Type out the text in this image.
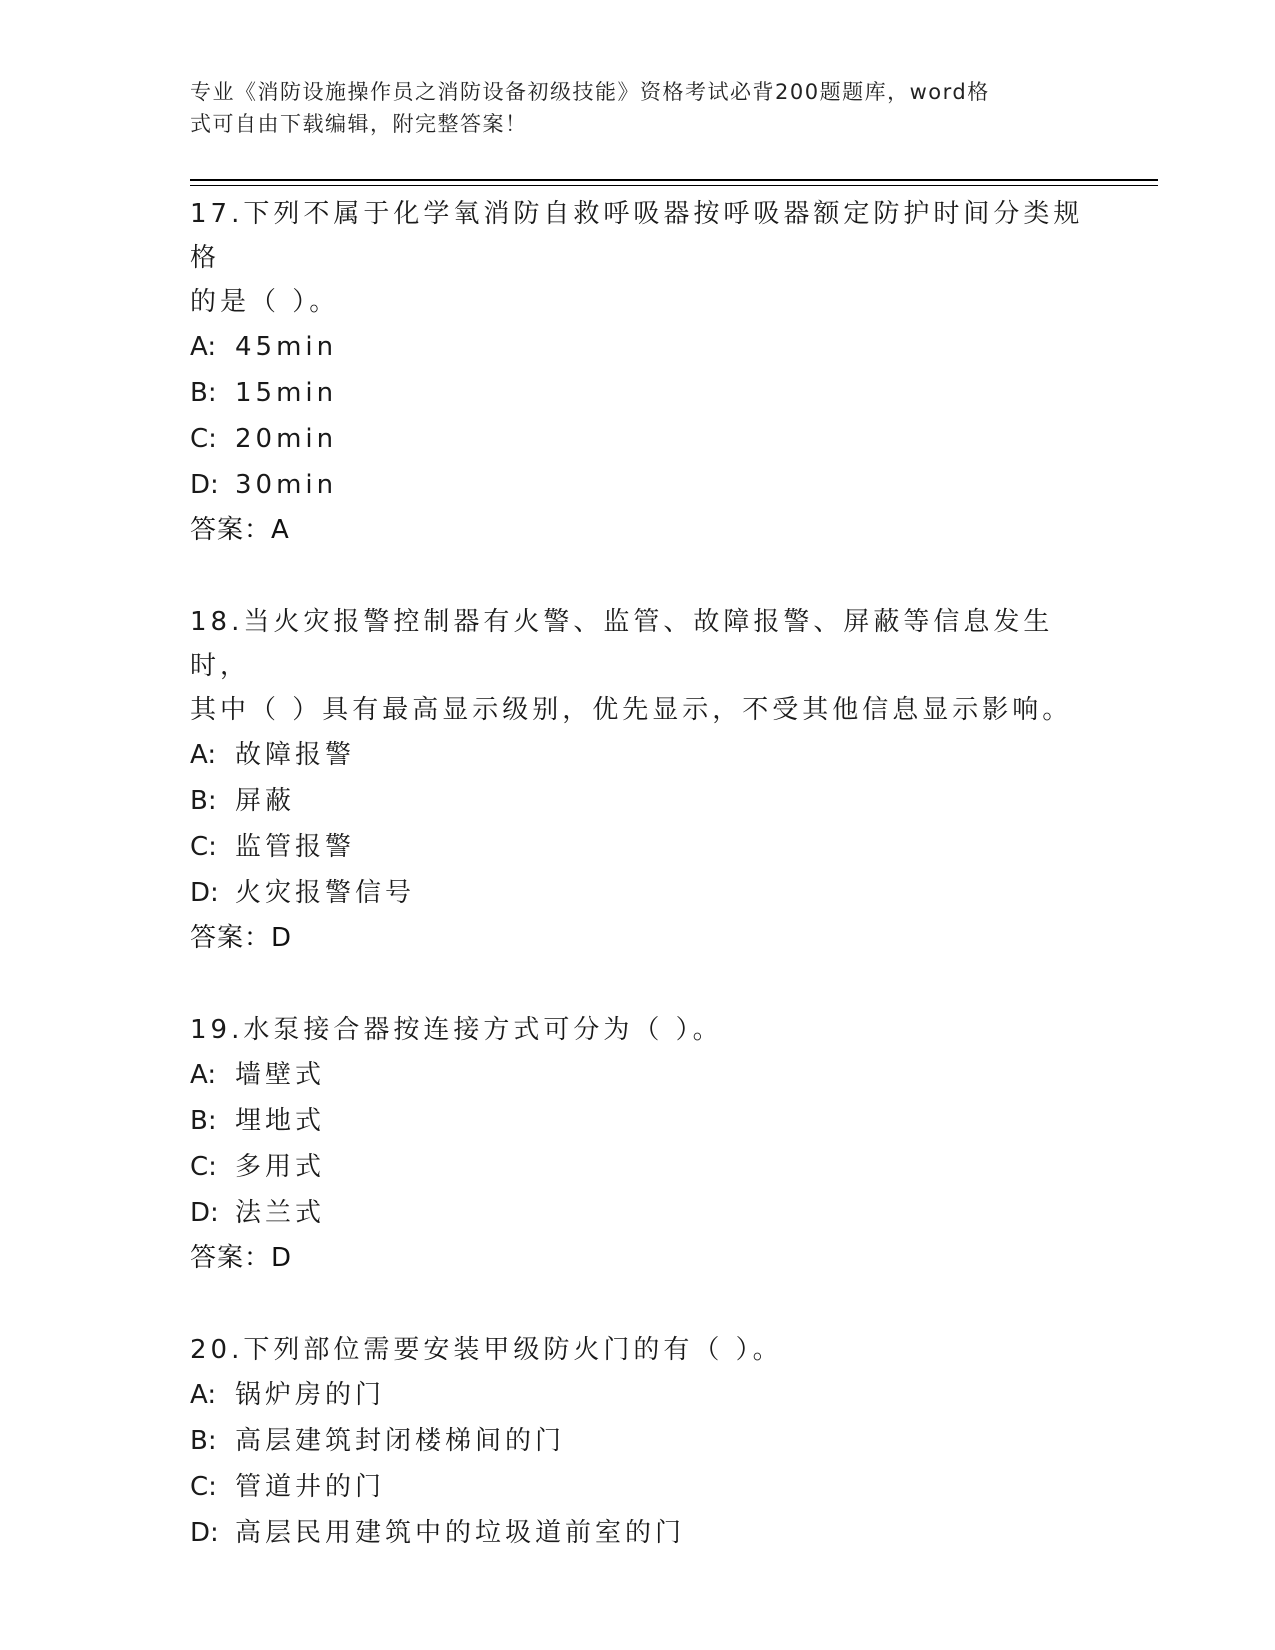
专业《消防设施操作员之消防设备初级技能》资格考试必背200题题库，word格
式可自由下载编辑，附完整答案！
17.下列不属于化学氧消防自救呼吸器按呼吸器额定防护时间分类规格
的是（ ）。
A: 45min
B: 15min
C: 20min
D: 30min
答案：A
18.当火灾报警控制器有火警、监管、故障报警、屏蔽等信息发生时，
其中（ ）具有最高显示级别，优先显示，不受其他信息显示影响。
A: 故障报警
B: 屏蔽
C: 监管报警
D: 火灾报警信号
答案：D
19.水泵接合器按连接方式可分为（ ）。
A: 墙壁式
B: 埋地式
C: 多用式
D: 法兰式
答案：D
20.下列部位需要安装甲级防火门的有（ ）。
A: 锅炉房的门
B: 高层建筑封闭楼梯间的门
C: 管道井的门
D: 高层民用建筑中的垃圾道前室的门
